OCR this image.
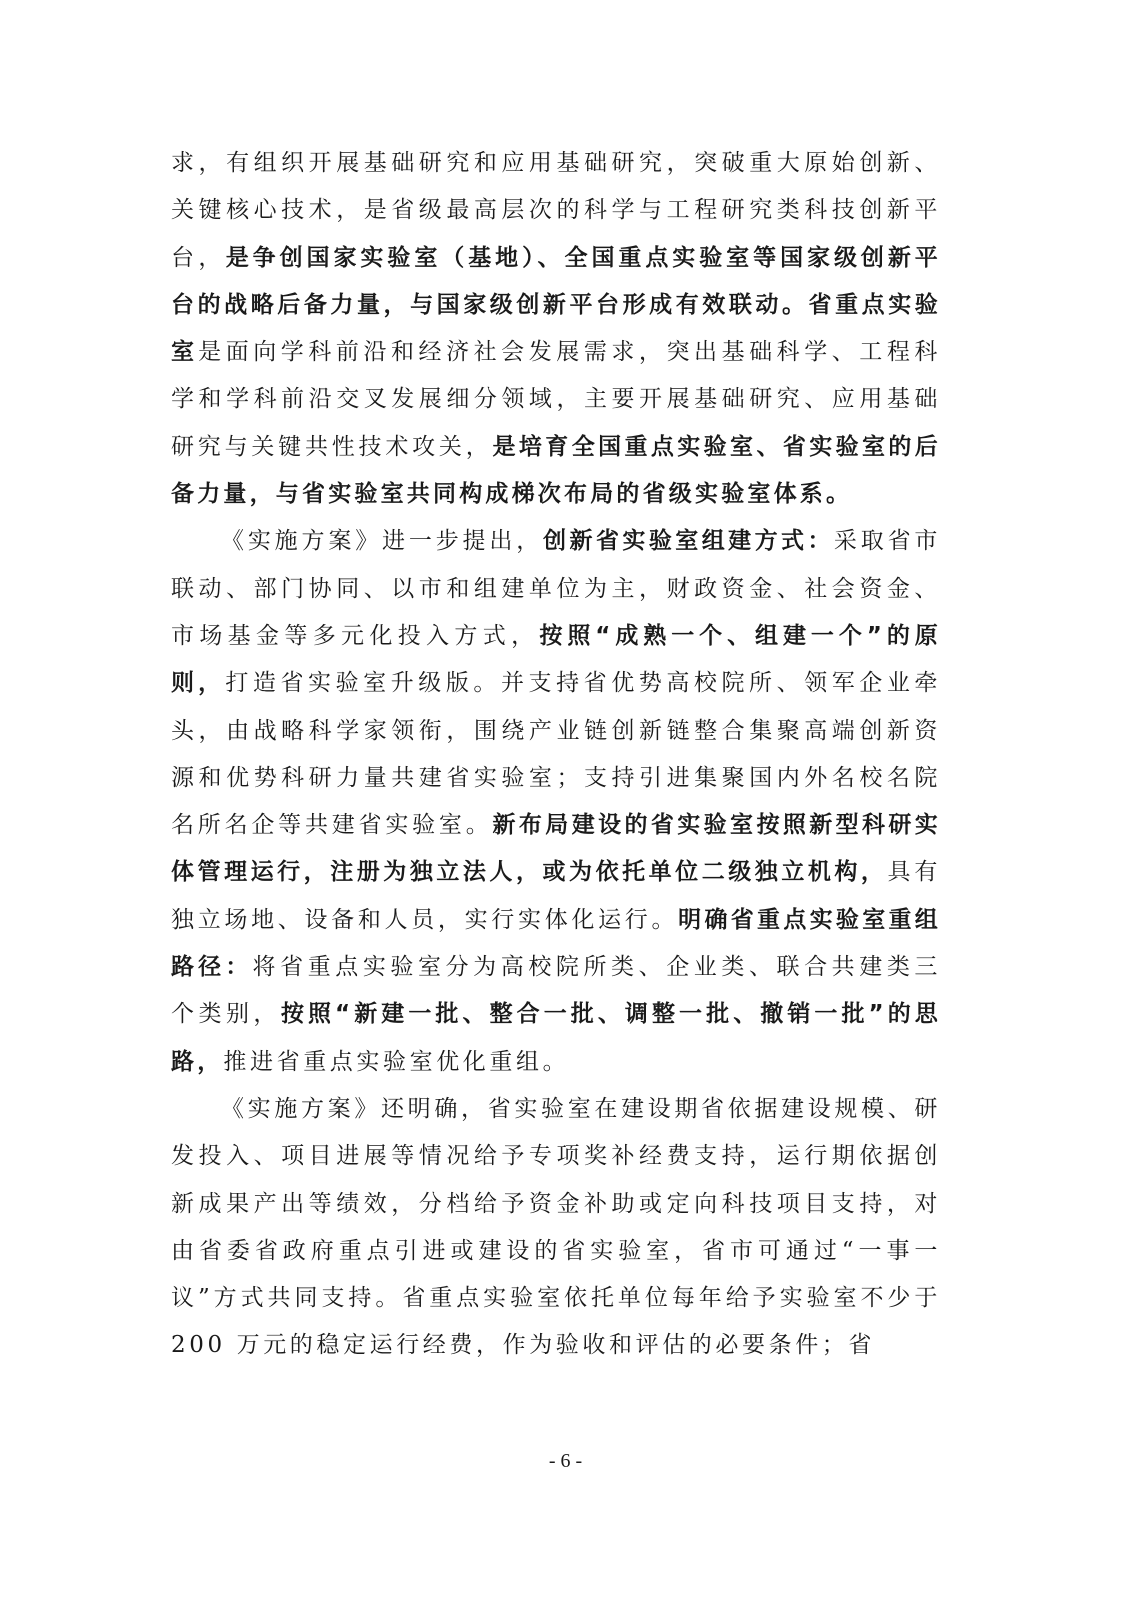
求，有组织开展基础研究和应用基础研究，突破重大原始创新、关键核心技术，是省级最高层次的科学与工程研究类科技创新平台，是争创国家实验室（基地）、全国重点实验室等国家级创新平台的战略后备力量，与国家级创新平台形成有效联动。省重点实验室是面向学科前沿和经济社会发展需求，突出基础科学、工程科学和学科前沿交叉发展细分领域，主要开展基础研究、应用基础研究与关键共性技术攻关，是培育全国重点实验室、省实验室的后备力量，与省实验室共同构成梯次布局的省级实验室体系。

《实施方案》进一步提出，创新省实验室组建方式：采取省市联动、部门协同、以市和组建单位为主，财政资金、社会资金、市场基金等多元化投入方式，按照“成熟一个、组建一个”的原则，打造省实验室升级版。并支持省优势高校院所、领军企业牵头，由战略科学家领衔，围绕产业链创新链整合集聚高端创新资源和优势科研力量共建省实验室；支持引进集聚国内外名校名院名所名企等共建省实验室。新布局建设的省实验室按照新型科研实体管理运行，注册为独立法人，或为依托单位二级独立机构，具有独立场地、设备和人员，实行实体化运行。明确省重点实验室重组路径：将省重点实验室分为高校院所类、企业类、联合共建类三个类别，按照“新建一批、整合一批、调整一批、撤销一批”的思路，推进省重点实验室优化重组。

《实施方案》还明确，省实验室在建设期省依据建设规模、研发投入、项目进展等情况给予专项奖补经费支持，运行期依据创新成果产出等绩效，分档给予资金补助或定向科技项目支持，对由省委省政府重点引进或建设的省实验室，省市可通过“一事一议”方式共同支持。省重点实验室依托单位每年给予实验室不少于 200 万元的稳定运行经费，作为验收和评估的必要条件；省

- 6 -
